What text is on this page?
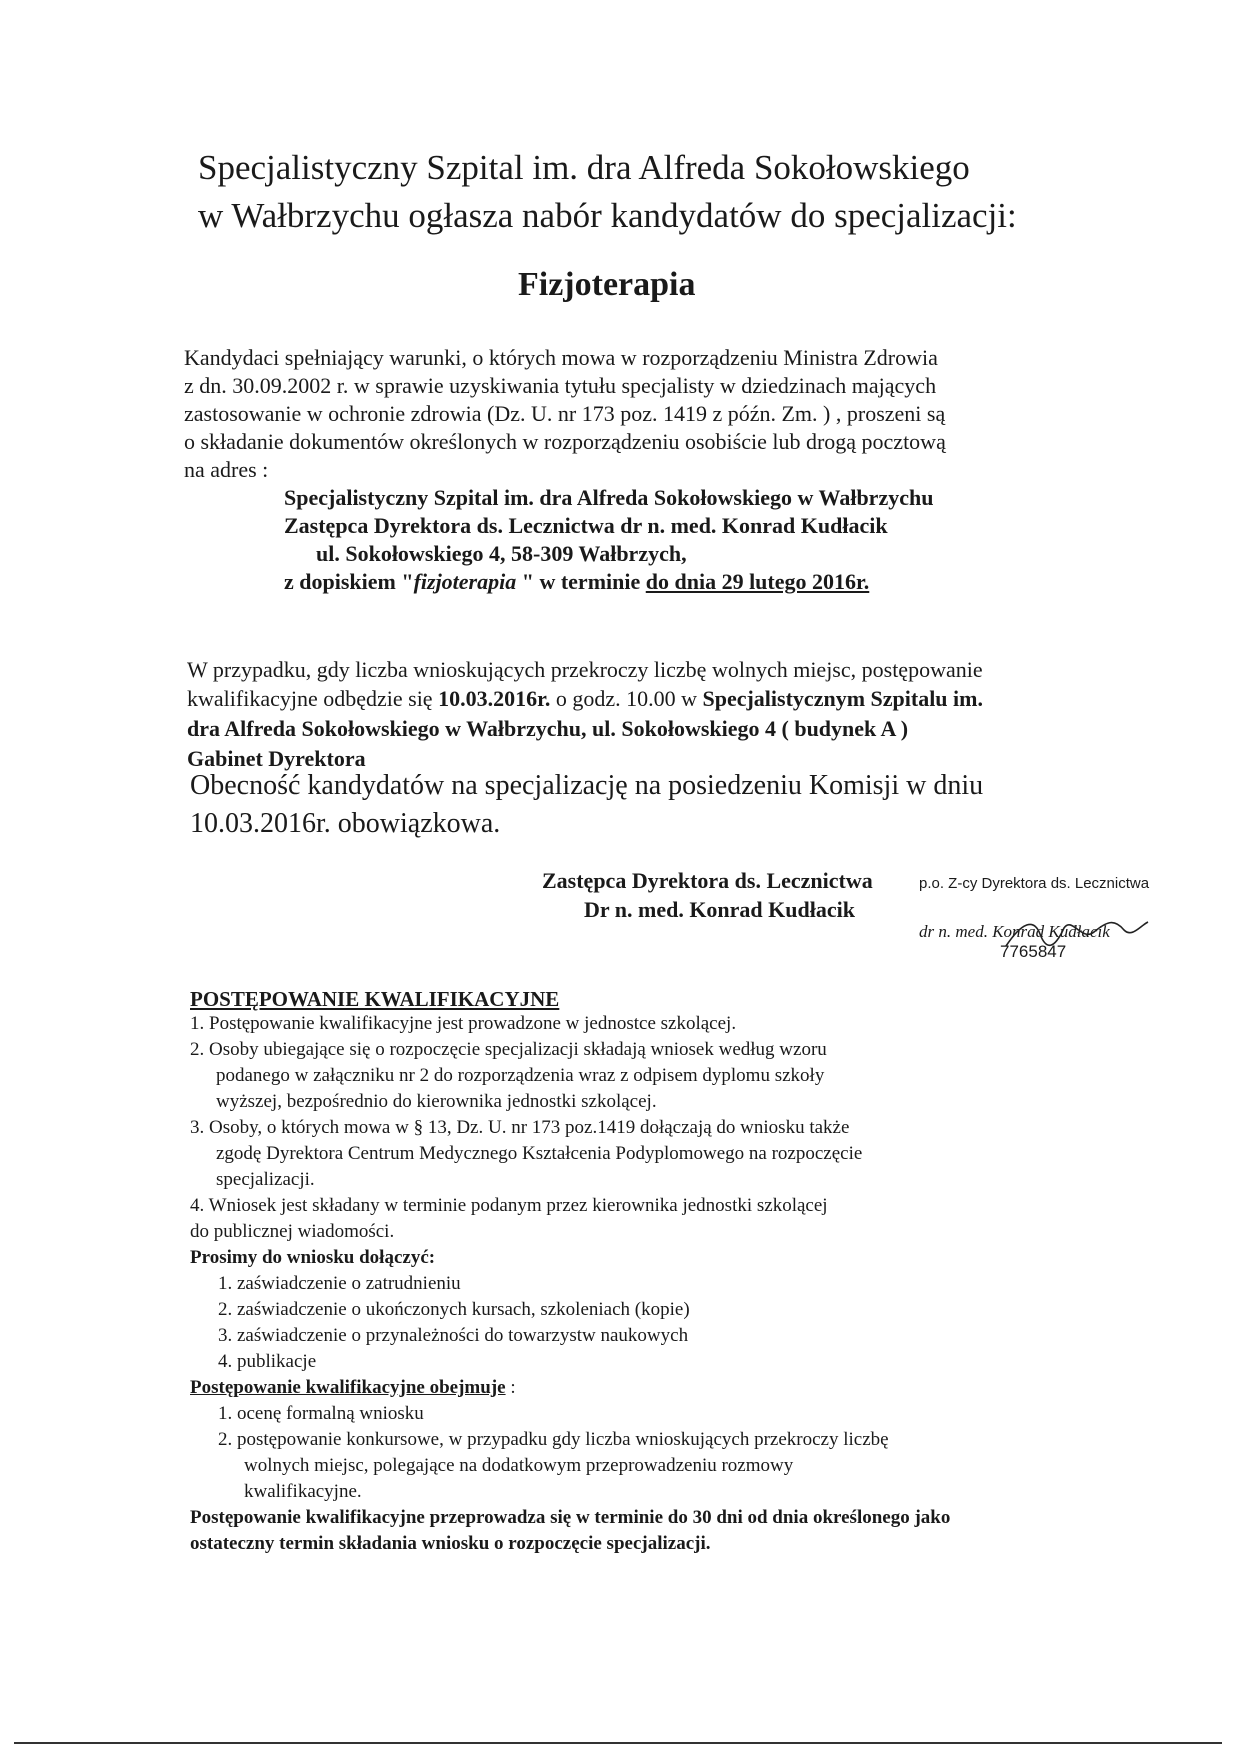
Specjalistyczny Szpital im. dra Alfreda Sokołowskiego
w Wałbrzychu ogłasza nabór kandydatów do specjalizacji:
Fizjoterapia
Kandydaci spełniający warunki, o których mowa w rozporządzeniu Ministra Zdrowia
z dn. 30.09.2002 r. w sprawie uzyskiwania tytułu specjalisty w dziedzinach mających
zastosowanie w ochronie zdrowia (Dz. U. nr 173 poz. 1419 z późn. Zm. ) , proszeni są
o składanie dokumentów określonych w rozporządzeniu osobiście lub drogą pocztową
na adres :
Specjalistyczny Szpital im. dra Alfreda Sokołowskiego w Wałbrzychu
Zastępca Dyrektora ds. Lecznictwa dr n. med. Konrad Kudłacik
ul. Sokołowskiego 4, 58-309 Wałbrzych,
z dopiskiem "fizjoterapia " w terminie do dnia 29 lutego 2016r.
W przypadku, gdy liczba wnioskujących przekroczy liczbę wolnych miejsc, postępowanie
kwalifikacyjne odbędzie się 10.03.2016r. o godz. 10.00 w Specjalistycznym Szpitalu im.
dra Alfreda Sokołowskiego w Wałbrzychu, ul. Sokołowskiego 4 ( budynek A )
Gabinet Dyrektora
Obecność kandydatów na specjalizację na posiedzeniu Komisji w dniu
10.03.2016r. obowiązkowa.
Zastępca Dyrektora ds. Lecznictwa
Dr n. med. Konrad Kudłacik
p.o. Z-cy Dyrektora ds. Lecznictwa
dr n. med. Konrad Kudłacik
7765847
POSTĘPOWANIE KWALIFIKACYJNE
1. Postępowanie kwalifikacyjne jest prowadzone w jednostce szkolącej.
2. Osoby ubiegające się o rozpoczęcie specjalizacji składają wniosek według wzoru
podanego w załączniku nr 2 do rozporządzenia wraz z odpisem dyplomu szkoły
wyższej, bezpośrednio do kierownika jednostki szkolącej.
3. Osoby, o których mowa w § 13, Dz. U. nr 173 poz.1419 dołączają do wniosku także
zgodę Dyrektora Centrum Medycznego Kształcenia Podyplomowego na rozpoczęcie
specjalizacji.
4. Wniosek jest składany w terminie podanym przez kierownika jednostki szkolącej
do publicznej wiadomości.
Prosimy do wniosku dołączyć:
1. zaświadczenie o zatrudnieniu
2. zaświadczenie o ukończonych kursach, szkoleniach (kopie)
3. zaświadczenie o przynależności do towarzystw naukowych
4. publikacje
Postępowanie kwalifikacyjne obejmuje :
1. ocenę formalną wniosku
2. postępowanie konkursowe, w przypadku gdy liczba wnioskujących przekroczy liczbę
wolnych miejsc, polegające na dodatkowym przeprowadzeniu rozmowy
kwalifikacyjne.
Postępowanie kwalifikacyjne przeprowadza się w terminie do 30 dni od dnia określonego jako
ostateczny termin składania wniosku o rozpoczęcie specjalizacji.
